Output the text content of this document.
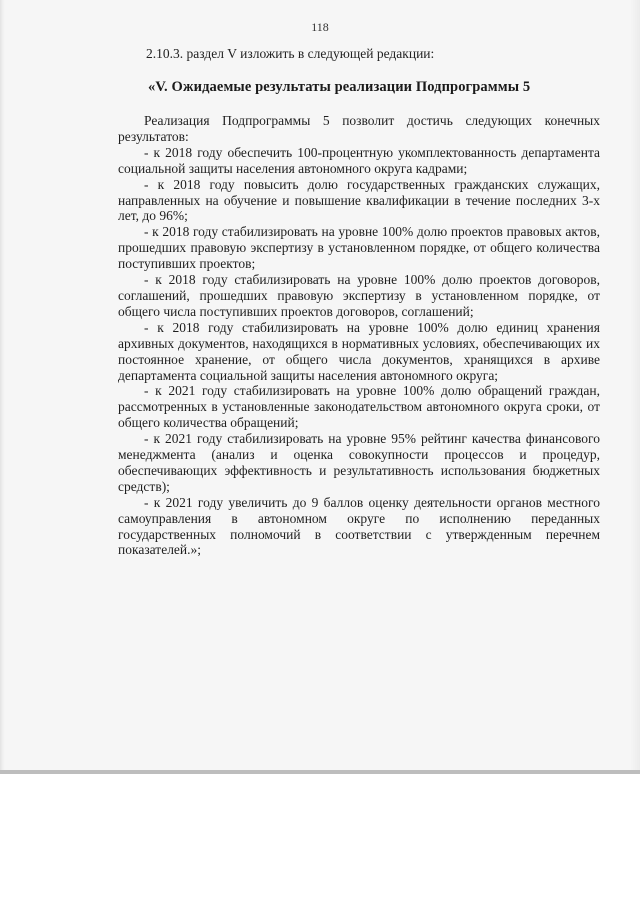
118
2.10.3. раздел V изложить в следующей редакции:
«V. Ожидаемые результаты реализации Подпрограммы 5

Реализация Подпрограммы 5 позволит достичь следующих конечных результатов:

- к 2018 году обеспечить 100-процентную укомплектованность департамента социальной защиты населения автономного округа кадрами;

- к 2018 году повысить долю государственных гражданских служащих, направленных на обучение и повышение квалификации в течение последних 3-х лет, до 96%;

- к 2018 году стабилизировать на уровне 100% долю проектов правовых актов, прошедших правовую экспертизу в установленном порядке, от общего количества поступивших проектов;

- к 2018 году стабилизировать на уровне 100% долю проектов договоров, соглашений, прошедших правовую экспертизу в установленном порядке, от общего числа поступивших проектов договоров, соглашений;

- к 2018 году стабилизировать на уровне 100% долю единиц хранения архивных документов, находящихся в нормативных условиях, обеспечивающих их постоянное хранение, от общего числа документов, хранящихся в архиве департамента социальной защиты населения автономного округа;

- к 2021 году стабилизировать на уровне 100% долю обращений граждан, рассмотренных в установленные законодательством автономного округа сроки, от общего количества обращений;

- к 2021 году стабилизировать на уровне 95% рейтинг качества финансового менеджмента (анализ и оценка совокупности процессов и процедур, обеспечивающих эффективность и результативность использования бюджетных средств);

- к 2021 году увеличить до 9 баллов оценку деятельности органов местного самоуправления в автономном округе по исполнению переданных государственных полномочий в соответствии с утвержденным перечнем показателей.»;
